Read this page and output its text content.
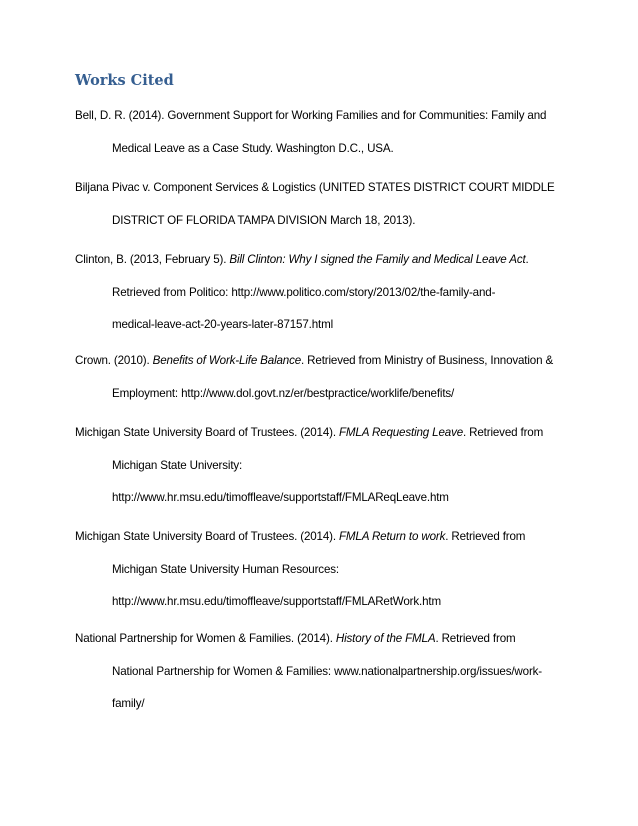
Works Cited
Bell, D. R. (2014). Government Support for Working Families and for Communities: Family and
Medical Leave as a Case Study. Washington D.C., USA.
Biljana Pivac v. Component Services & Logistics (UNITED STATES DISTRICT COURT MIDDLE
DISTRICT OF FLORIDA TAMPA DIVISION March 18, 2013).
Clinton, B. (2013, February 5). Bill Clinton: Why I signed the Family and Medical Leave Act.
Retrieved from Politico: http://www.politico.com/story/2013/02/the-family-and-
medical-leave-act-20-years-later-87157.html
Crown. (2010). Benefits of Work-Life Balance. Retrieved from Ministry of Business, Innovation &
Employment: http://www.dol.govt.nz/er/bestpractice/worklife/benefits/
Michigan State University Board of Trustees. (2014). FMLA Requesting Leave. Retrieved from
Michigan State University:
http://www.hr.msu.edu/timoffleave/supportstaff/FMLAReqLeave.htm
Michigan State University Board of Trustees. (2014). FMLA Return to work. Retrieved from
Michigan State University Human Resources:
http://www.hr.msu.edu/timoffleave/supportstaff/FMLARetWork.htm
National Partnership for Women & Families. (2014). History of the FMLA. Retrieved from
National Partnership for Women & Families: www.nationalpartnership.org/issues/work-
family/
